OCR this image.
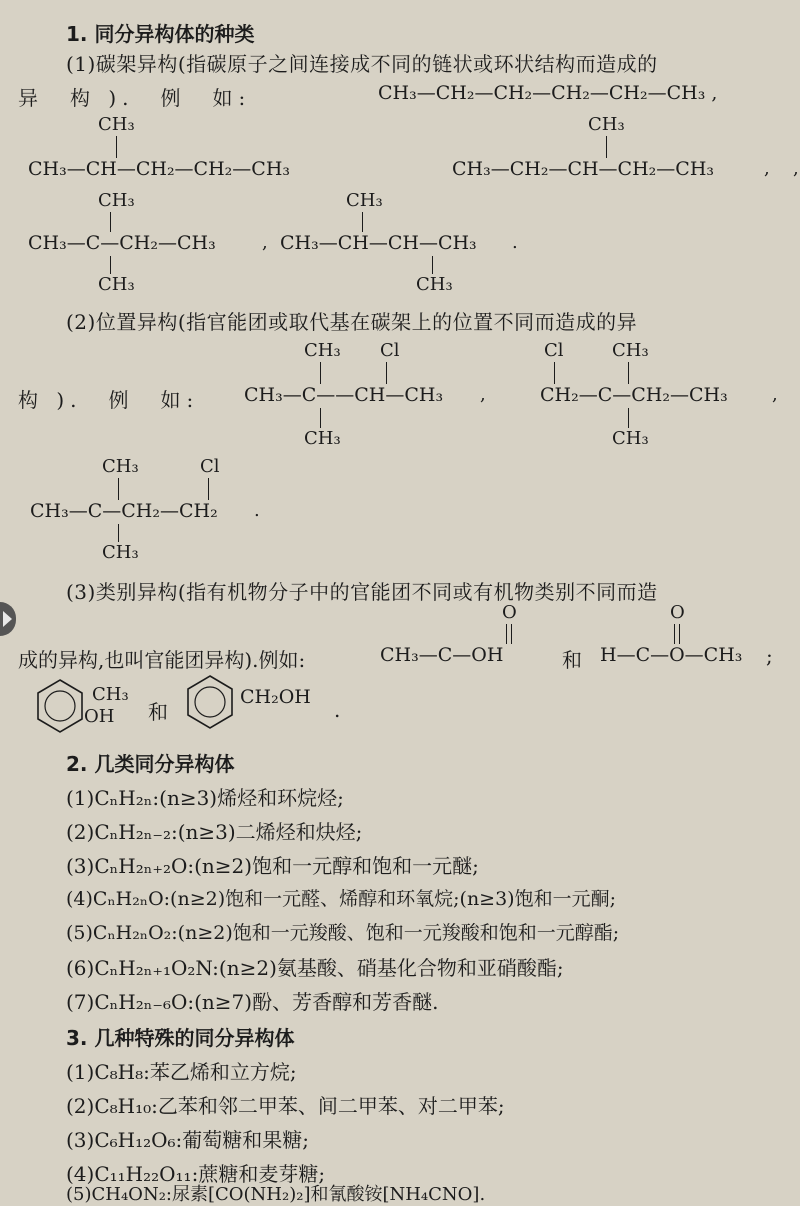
1. 同分异构体的种类
(1)碳架异构(指碳原子之间连接成不同的链状或环状结构而造成的
异　构 ).　例　如:	CH₃—CH₂—CH₂—CH₂—CH₂—CH₃ ,
CH₃
CH₃—CH—CH₂—CH₂—CH₃	,
CH₃
CH₃—CH₂—CH—CH₂—CH₃	,
CH₃
CH₃—C—CH₂—CH₃
CH₃
,
CH₃
CH₃—CH—CH—CH₃
CH₃
.
(2)位置异构(指官能团或取代基在碳架上的位置不同而造成的异
构 ).　例　如:
CH₃ Cl
CH₃—C——CH—CH₃
CH₃
,
Cl	CH₃
CH₂—C—CH₂—CH₃
CH₃
,
CH₃	Cl
CH₃—C—CH₂—CH₂
CH₃
.
(3)类别异构(指有机物分子中的官能团不同或有机物类别不同而造
成的异构,也叫官能团异构).例如:
O
CH₃—C—OH	和
O
H—C—O—CH₃ ;
CH₃
OH 和
CH₂OH
.
2. 几类同分异构体
(1)CₙH₂ₙ:(n≥3)烯烃和环烷烃;
(2)CₙH₂ₙ₋₂:(n≥3)二烯烃和炔烃;
(3)CₙH₂ₙ₊₂O:(n≥2)饱和一元醇和饱和一元醚;
(4)CₙH₂ₙO:(n≥2)饱和一元醛、烯醇和环氧烷;(n≥3)饱和一元酮;
(5)CₙH₂ₙO₂:(n≥2)饱和一元羧酸、饱和一元羧酸和饱和一元醇酯;
(6)CₙH₂ₙ₊₁O₂N:(n≥2)氨基酸、硝基化合物和亚硝酸酯;
(7)CₙH₂ₙ₋₆O:(n≥7)酚、芳香醇和芳香醚.
3. 几种特殊的同分异构体
(1)C₈H₈:苯乙烯和立方烷;
(2)C₈H₁₀:乙苯和邻二甲苯、间二甲苯、对二甲苯;
(3)C₆H₁₂O₆:葡萄糖和果糖;
(4)C₁₁H₂₂O₁₁:蔗糖和麦芽糖;
(5)CH₄ON₂:尿素[CO(NH₂)₂]和氰酸铵[NH₄CNO].
